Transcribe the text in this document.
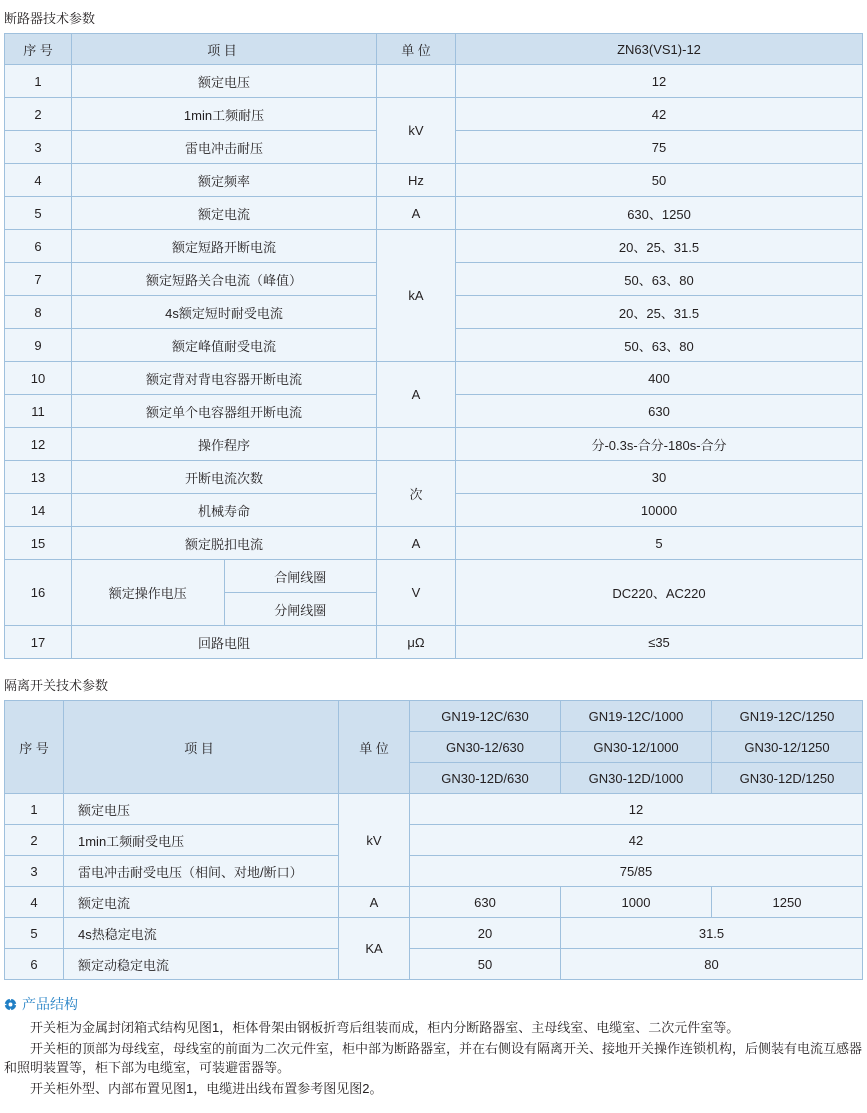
断路器技术参数
序 号	项 目		单 位	ZN63(VS1)-12
1	额定电压			12
2	1min工频耐压		kV	42
3	雷电冲击耐压			75
4	额定频率		Hz	50
5	额定电流		A	630、1250
6	额定短路开断电流		kA	20、25、31.5
7	额定短路关合电流（峰值）			50、63、80
8	4s额定短时耐受电流			20、25、31.5
9	额定峰值耐受电流			50、63、80
10	额定背对背电容器开断电流		A	400
11	额定单个电容器组开断电流			630
12	操作程序			分-0.3s-合分-180s-合分
13	开断电流次数		次	30
14	机械寿命			10000
15	额定脱扣电流		A	5
16	额定操作电压	合闸线圈	V	DC220、AC220
		分闸线圈		
17	回路电阻		μΩ	≤35
隔离开关技术参数
序 号	项 目	单 位	GN19-12C/630	GN19-12C/1000	GN19-12C/1250
			GN30-12/630	GN30-12/1000	GN30-12/1250
			GN30-12D/630	GN30-12D/1000	GN30-12D/1250
1	额定电压	kV	12		
2	1min工频耐受电压		42		
3	雷电冲击耐受电压（相间、对地/断口）		75/85		
4	额定电流	A	630	1000	1250
5	4s热稳定电流	KA	20	31.5	
6	额定动稳定电流		50	80	
产品结构

开关柜为金属封闭箱式结构见图1，柜体骨架由钢板折弯后组装而成，柜内分断路器室、主母线室、电缆室、二次元件室等。

开关柜的顶部为母线室，母线室的前面为二次元件室，柜中部为断路器室，并在右侧设有隔离开关、接地开关操作连锁机构，后侧装有电流互感器和照明装置等，柜下部为电缆室，可装避雷器等。

开关柜外型、内部布置见图1，电缆进出线布置参考图见图2。
